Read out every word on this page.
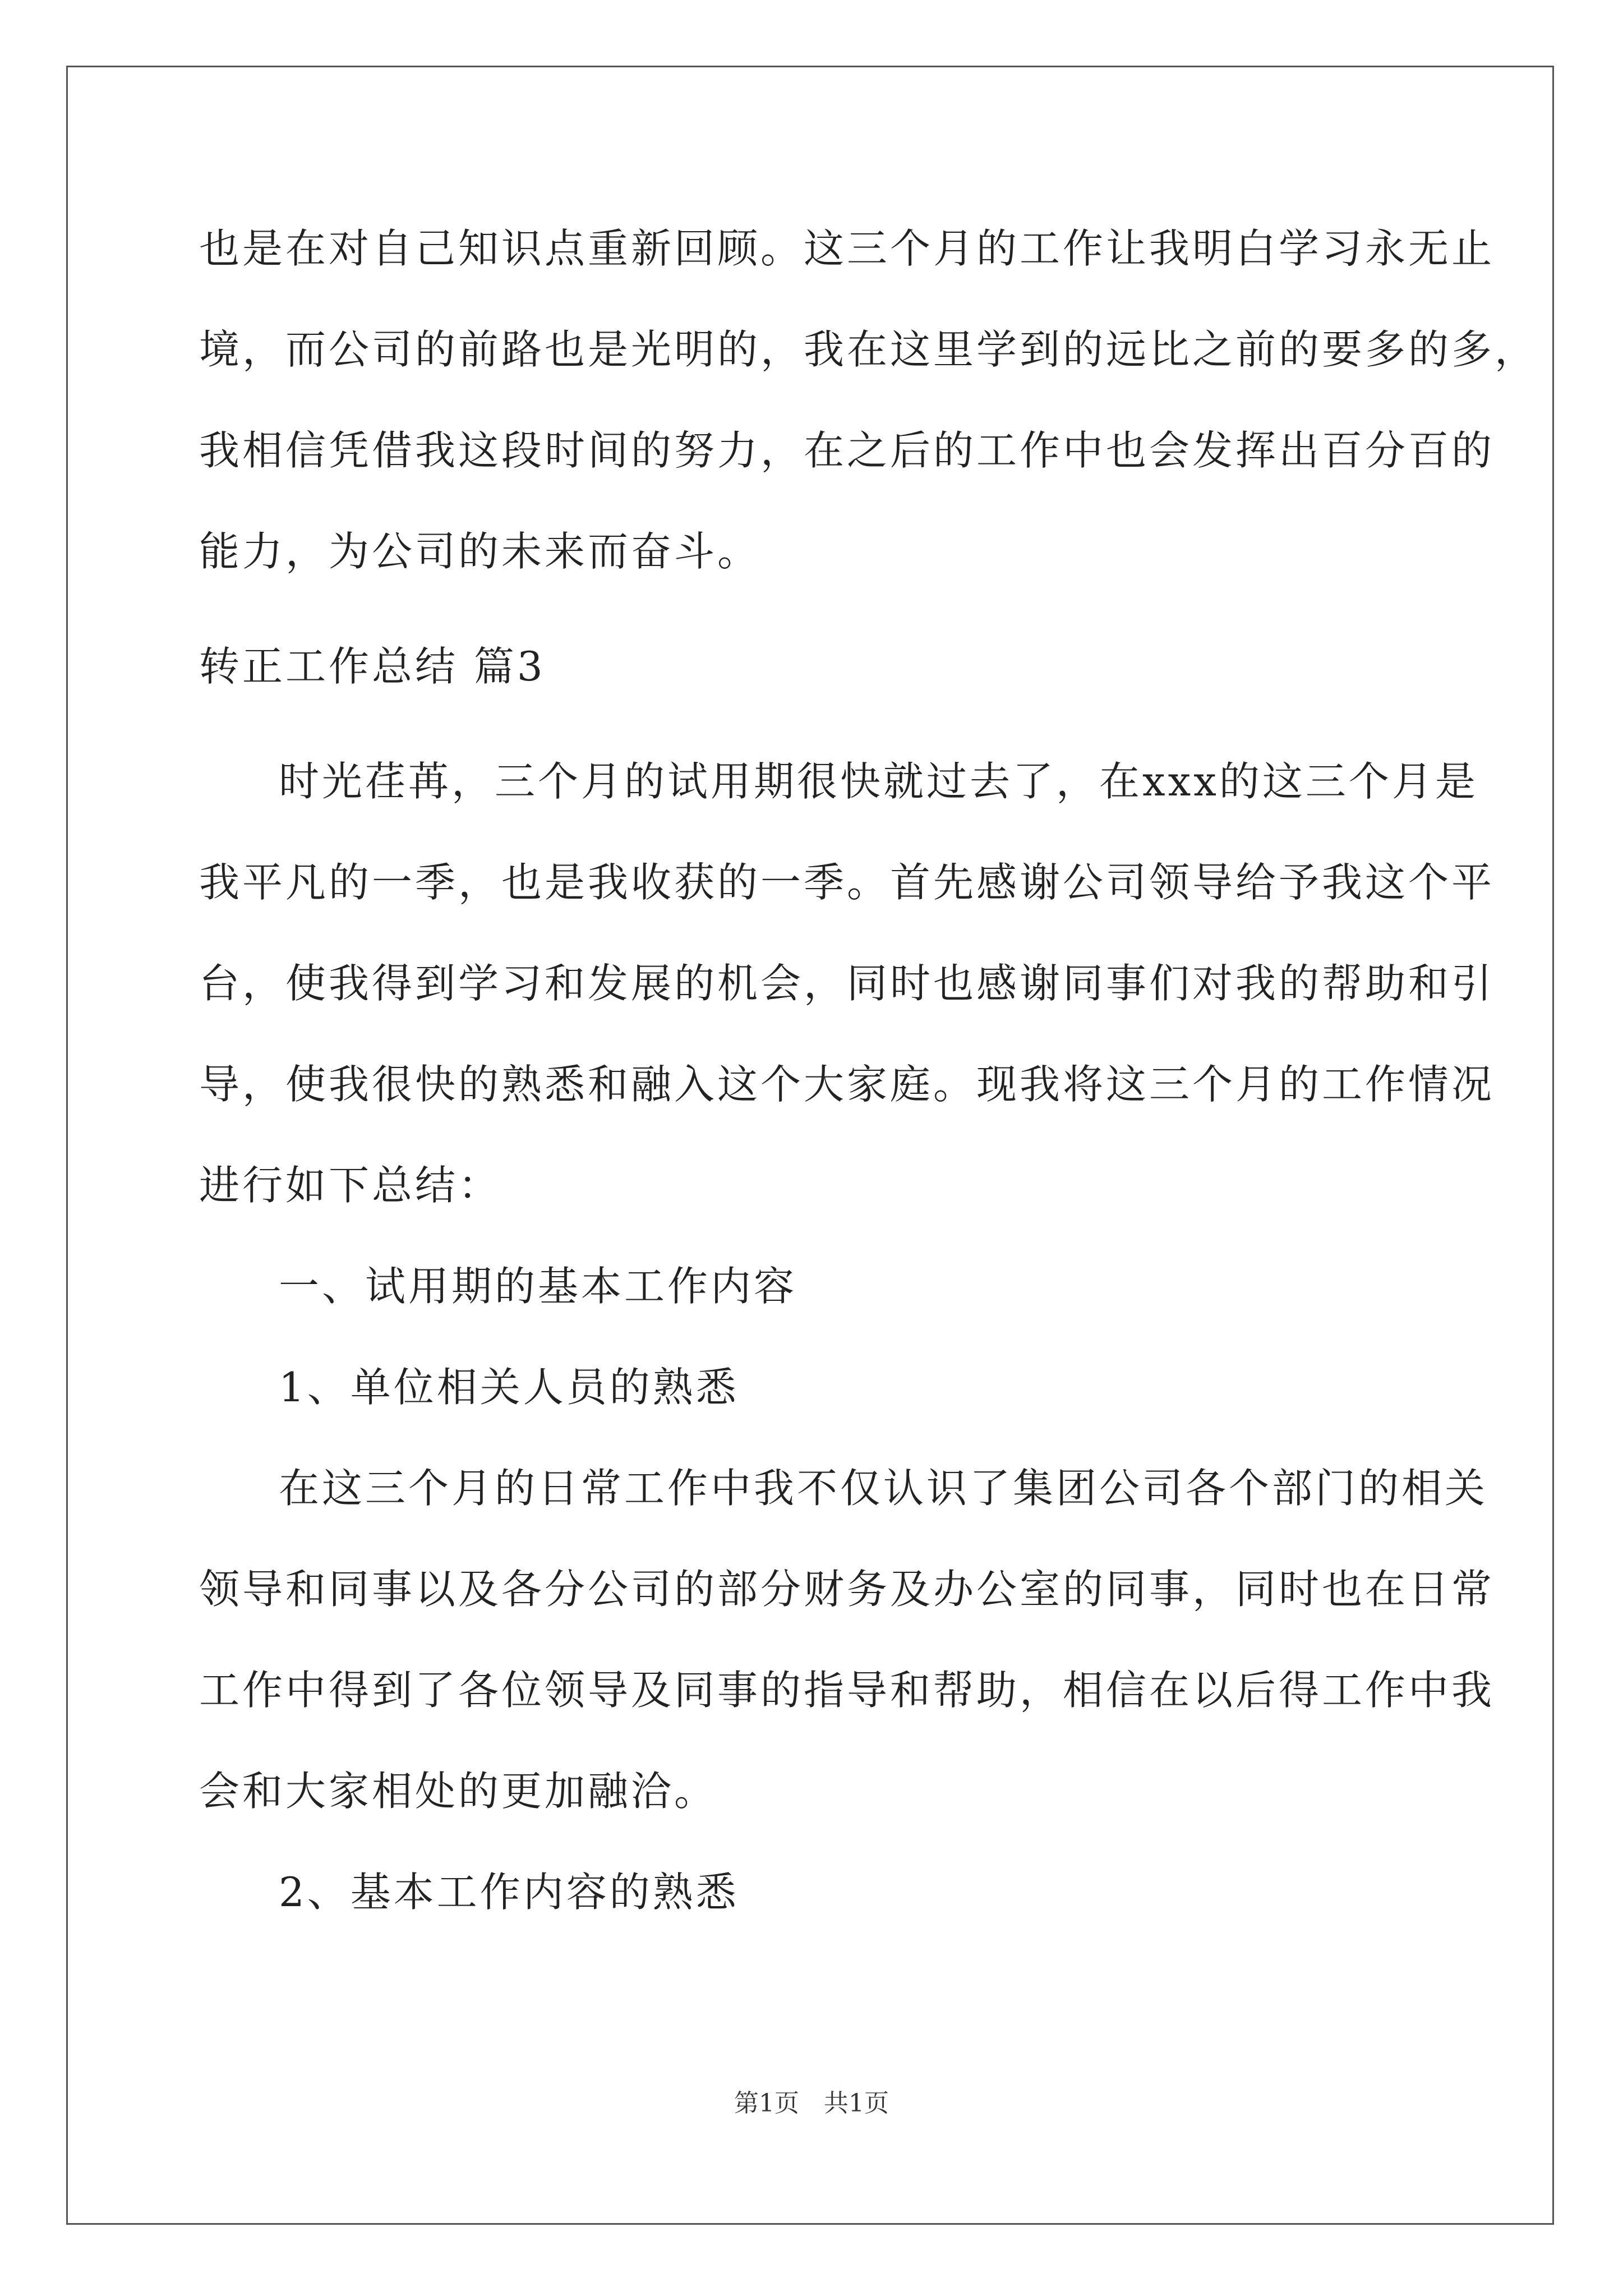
也是在对自己知识点重新回顾。这三个月的工作让我明白学习永无止
境，而公司的前路也是光明的，我在这里学到的远比之前的要多的多，
我相信凭借我这段时间的努力，在之后的工作中也会发挥出百分百的
能力，为公司的未来而奋斗。
转正工作总结 篇3
时光荏苒，三个月的试用期很快就过去了，在xxx的这三个月是
我平凡的一季，也是我收获的一季。首先感谢公司领导给予我这个平
台，使我得到学习和发展的机会，同时也感谢同事们对我的帮助和引
导，使我很快的熟悉和融入这个大家庭。现我将这三个月的工作情况
进行如下总结：
一、试用期的基本工作内容
1、单位相关人员的熟悉
在这三个月的日常工作中我不仅认识了集团公司各个部门的相关
领导和同事以及各分公司的部分财务及办公室的同事，同时也在日常
工作中得到了各位领导及同事的指导和帮助，相信在以后得工作中我
会和大家相处的更加融洽。
2、基本工作内容的熟悉
第1页　共1页
